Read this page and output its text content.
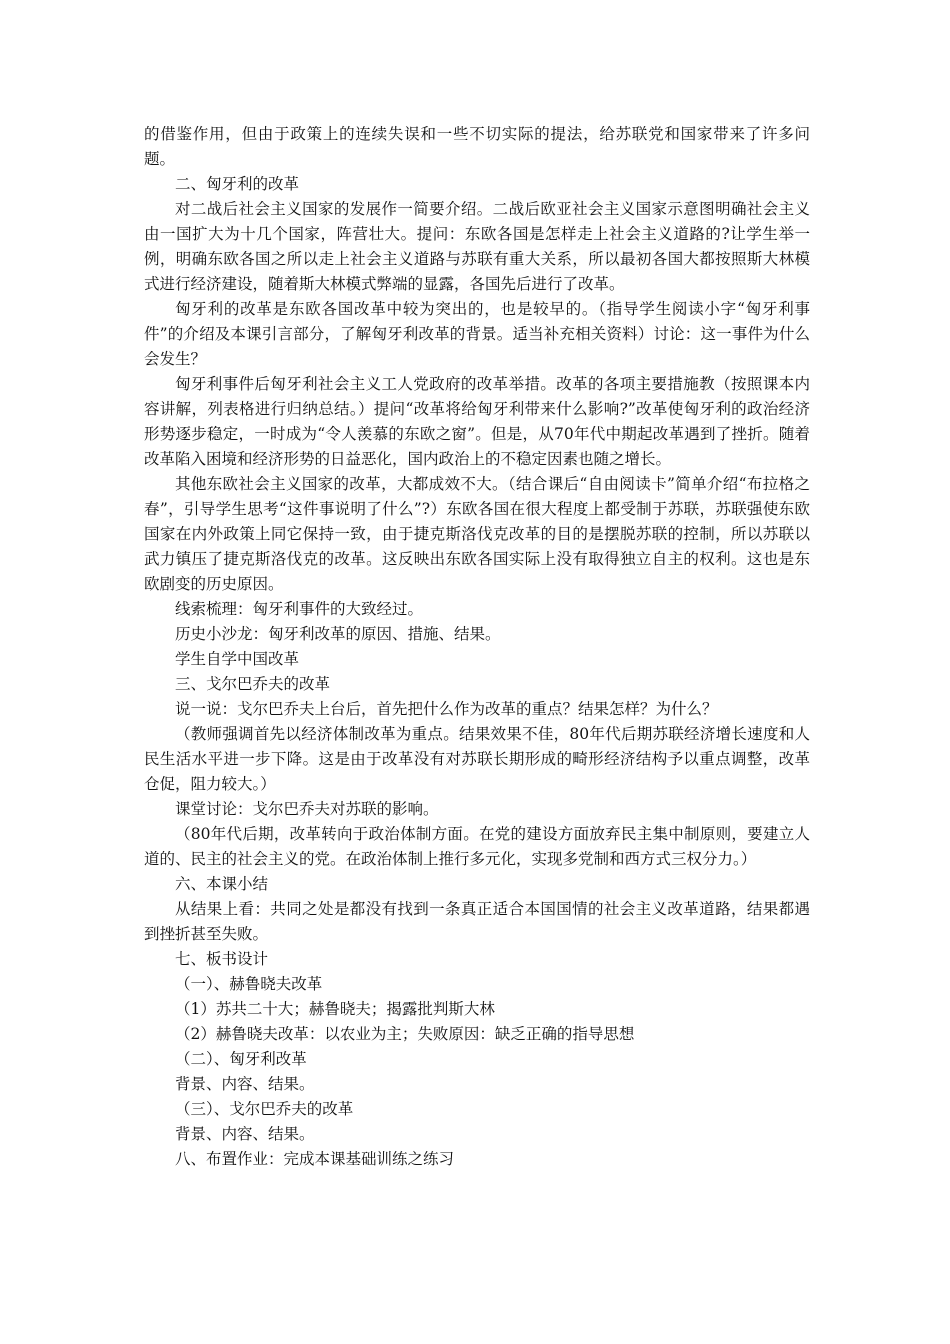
的借鉴作用，但由于政策上的连续失误和一些不切实际的提法，给苏联党和国家带来了许多问题。

二、匈牙利的改革

对二战后社会主义国家的发展作一简要介绍。二战后欧亚社会主义国家示意图明确社会主义由一国扩大为十几个国家，阵营壮大。提问：东欧各国是怎样走上社会主义道路的?让学生举一例，明确东欧各国之所以走上社会主义道路与苏联有重大关系，所以最初各国大都按照斯大林模式进行经济建设，随着斯大林模式弊端的显露，各国先后进行了改革。

匈牙利的改革是东欧各国改革中较为突出的，也是较早的。（指导学生阅读小字“匈牙利事件”的介绍及本课引言部分，了解匈牙利改革的背景。适当补充相关资料）讨论：这一事件为什么会发生？

匈牙利事件后匈牙利社会主义工人党政府的改革举措。改革的各项主要措施教（按照课本内容讲解，列表格进行归纳总结。）提问“改革将给匈牙利带来什么影响?”改革使匈牙利的政治经济形势逐步稳定，一时成为“令人羡慕的东欧之窗”。但是，从70年代中期起改革遇到了挫折。随着改革陷入困境和经济形势的日益恶化，国内政治上的不稳定因素也随之增长。

其他东欧社会主义国家的改革，大都成效不大。（结合课后“自由阅读卡”简单介绍“布拉格之春”，引导学生思考“这件事说明了什么”?）东欧各国在很大程度上都受制于苏联，苏联强使东欧国家在内外政策上同它保持一致，由于捷克斯洛伐克改革的目的是摆脱苏联的控制，所以苏联以武力镇压了捷克斯洛伐克的改革。这反映出东欧各国实际上没有取得独立自主的权利。这也是东欧剧变的历史原因。

线索梳理：匈牙利事件的大致经过。

历史小沙龙：匈牙利改革的原因、措施、结果。

学生自学中国改革

三、戈尔巴乔夫的改革

说一说：戈尔巴乔夫上台后，首先把什么作为改革的重点？结果怎样？为什么？

（教师强调首先以经济体制改革为重点。结果效果不佳，80年代后期苏联经济增长速度和人民生活水平进一步下降。这是由于改革没有对苏联长期形成的畸形经济结构予以重点调整，改革仓促，阻力较大。）

课堂讨论：戈尔巴乔夫对苏联的影响。

（80年代后期，改革转向于政治体制方面。在党的建设方面放弃民主集中制原则，要建立人道的、民主的社会主义的党。在政治体制上推行多元化，实现多党制和西方式三权分力。）

六、本课小结

从结果上看：共同之处是都没有找到一条真正适合本国国情的社会主义改革道路，结果都遇到挫折甚至失败。

七、板书设计

（一）、赫鲁晓夫改革

（1）苏共二十大；赫鲁晓夫；揭露批判斯大林

（2）赫鲁晓夫改革：以农业为主；失败原因：缺乏正确的指导思想

（二）、匈牙利改革

背景、内容、结果。

（三）、戈尔巴乔夫的改革

背景、内容、结果。

八、布置作业：完成本课基础训练之练习
